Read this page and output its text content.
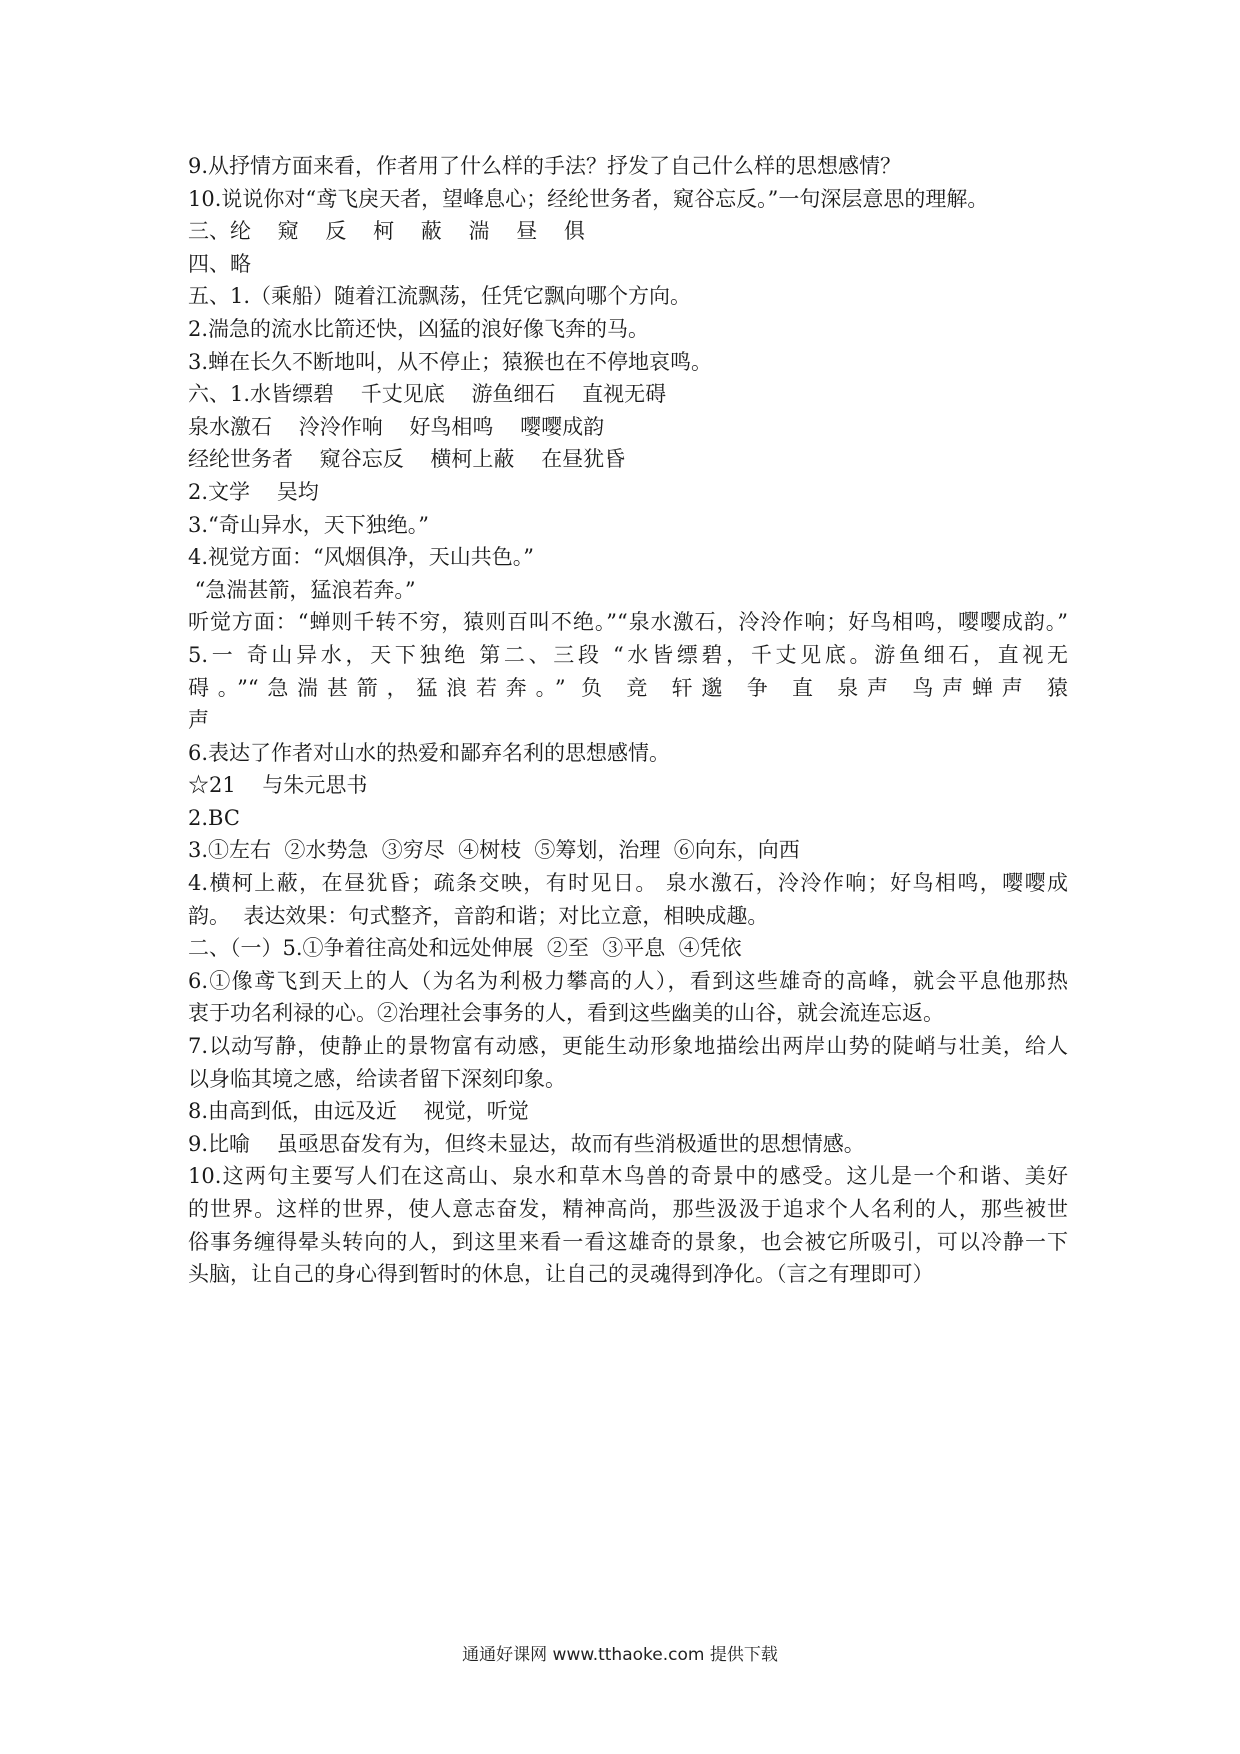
9.从抒情方面来看，作者用了什么样的手法？抒发了自己什么样的思想感情？
10.说说你对“鸢飞戾天者，望峰息心；经纶世务者，窥谷忘反。”一句深层意思的理解。
三、纶    窥    反    柯    蔽    湍    昼    俱
四、略
五、1.（乘船）随着江流飘荡，任凭它飘向哪个方向。
2.湍急的流水比箭还快，凶猛的浪好像飞奔的马。
3.蝉在长久不断地叫，从不停止；猿猴也在不停地哀鸣。
六、1.水皆缥碧    千丈见底    游鱼细石    直视无碍
泉水激石    泠泠作响    好鸟相鸣    嘤嘤成韵
经纶世务者    窥谷忘反    横柯上蔽    在昼犹昏
2.文学    吴均
3.“奇山异水，天下独绝。”
4.视觉方面：“风烟俱净，天山共色。”
“急湍甚箭，猛浪若奔。”
听觉方面：“蝉则千转不穷，猿则百叫不绝。”“泉水激石，泠泠作响；好鸟相鸣，嘤嘤成韵。”
5.一 奇山异水，天下独绝 第二、三段 “水皆缥碧，千丈见底。游鱼细石，直视无
碍。”“急湍甚箭，猛浪若奔。” 负 竞 轩邈 争 直 泉声 鸟声蝉声 猿
声
6.表达了作者对山水的热爱和鄙弃名利的思想感情。
☆21    与朱元思书
2.BC
3.①左右  ②水势急  ③穷尽  ④树枝  ⑤筹划，治理  ⑥向东，向西
4.横柯上蔽，在昼犹昏；疏条交映，有时见日。 泉水激石，泠泠作响；好鸟相鸣，嘤嘤成
韵。  表达效果：句式整齐，音韵和谐；对比立意，相映成趣。
二、（一）5.①争着往高处和远处伸展  ②至  ③平息  ④凭依
6.①像鸢飞到天上的人（为名为利极力攀高的人），看到这些雄奇的高峰，就会平息他那热
衷于功名利禄的心。②治理社会事务的人，看到这些幽美的山谷，就会流连忘返。
7.以动写静，使静止的景物富有动感，更能生动形象地描绘出两岸山势的陡峭与壮美，给人
以身临其境之感，给读者留下深刻印象。
8.由高到低，由远及近    视觉，听觉
9.比喻    虽亟思奋发有为，但终未显达，故而有些消极遁世的思想情感。
10.这两句主要写人们在这高山、泉水和草木鸟兽的奇景中的感受。这儿是一个和谐、美好
的世界。这样的世界，使人意志奋发，精神高尚，那些汲汲于追求个人名利的人，那些被世
俗事务缠得晕头转向的人，到这里来看一看这雄奇的景象，也会被它所吸引，可以冷静一下
头脑，让自己的身心得到暂时的休息，让自己的灵魂得到净化。（言之有理即可）
通通好课网 www.tthaoke.com 提供下载
